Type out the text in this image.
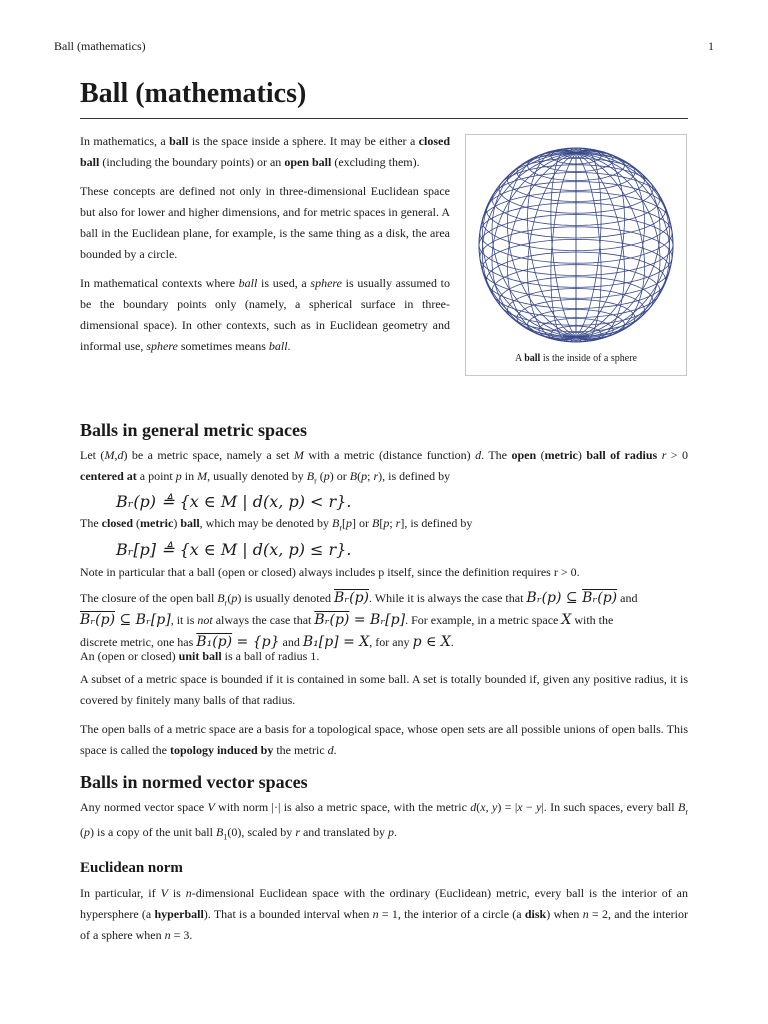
Ball (mathematics)	1
Ball (mathematics)

In mathematics, a ball is the space inside a sphere. It may be either a closed ball (including the boundary points) or an open ball (excluding them).

These concepts are defined not only in three-dimensional Euclidean space but also for lower and higher dimensions, and for metric spaces in general. A ball in the Euclidean plane, for example, is the same thing as a disk, the area bounded by a circle.

In mathematical contexts where ball is used, a sphere is usually assumed to be the boundary points only (namely, a spherical surface in three-dimensional space). In other contexts, such as in Euclidean geometry and informal use, sphere sometimes means ball.

A ball is the inside of a sphere
Balls in general metric spaces

Let (M,d) be a metric space, namely a set M with a metric (distance function) d. The open (metric) ball of radius r > 0 centered at a point p in M, usually denoted by $B_r$ (p) or B(p; r), is defined by

Bᵣ(p) ≜ {x ∈ M | d(x, p) < r}.
The closed (metric) ball, which may be denoted by $B_r[p]$ or B[p; r], is defined by
Bᵣ[p] ≜ {x ∈ M | d(x, p) ≤ r}.
Note in particular that a ball (open or closed) always includes p itself, since the definition requires r > 0.
The closure of the open ball $B_r(p)$ is usually denoted Bᵣ(p). While it is always the case that Bᵣ(p) ⊆ Bᵣ(p) and
Bᵣ(p) ⊆ Bᵣ[p], it is not always the case that Bᵣ(p) = Bᵣ[p]. For example, in a metric space X with the
discrete metric, one has B₁(p) = {p} and B₁[p] = X, for any p ∈ X.
An (open or closed) unit ball is a ball of radius 1.

A subset of a metric space is bounded if it is contained in some ball. A set is totally bounded if, given any positive radius, it is covered by finitely many balls of that radius.

The open balls of a metric space are a basis for a topological space, whose open sets are all possible unions of open balls. This space is called the topology induced by the metric d.

Balls in normed vector spaces

Any normed vector space V with norm |·| is also a metric space, with the metric d(x, y) = |x − y|. In such spaces, every ball $B_r$ (p) is a copy of the unit ball $B_1(0)$, scaled by r and translated by p.

Euclidean norm

In particular, if V is n-dimensional Euclidean space with the ordinary (Euclidean) metric, every ball is the interior of an hypersphere (a hyperball). That is a bounded interval when n = 1, the interior of a circle (a disk) when n = 2, and the interior of a sphere when n = 3.
